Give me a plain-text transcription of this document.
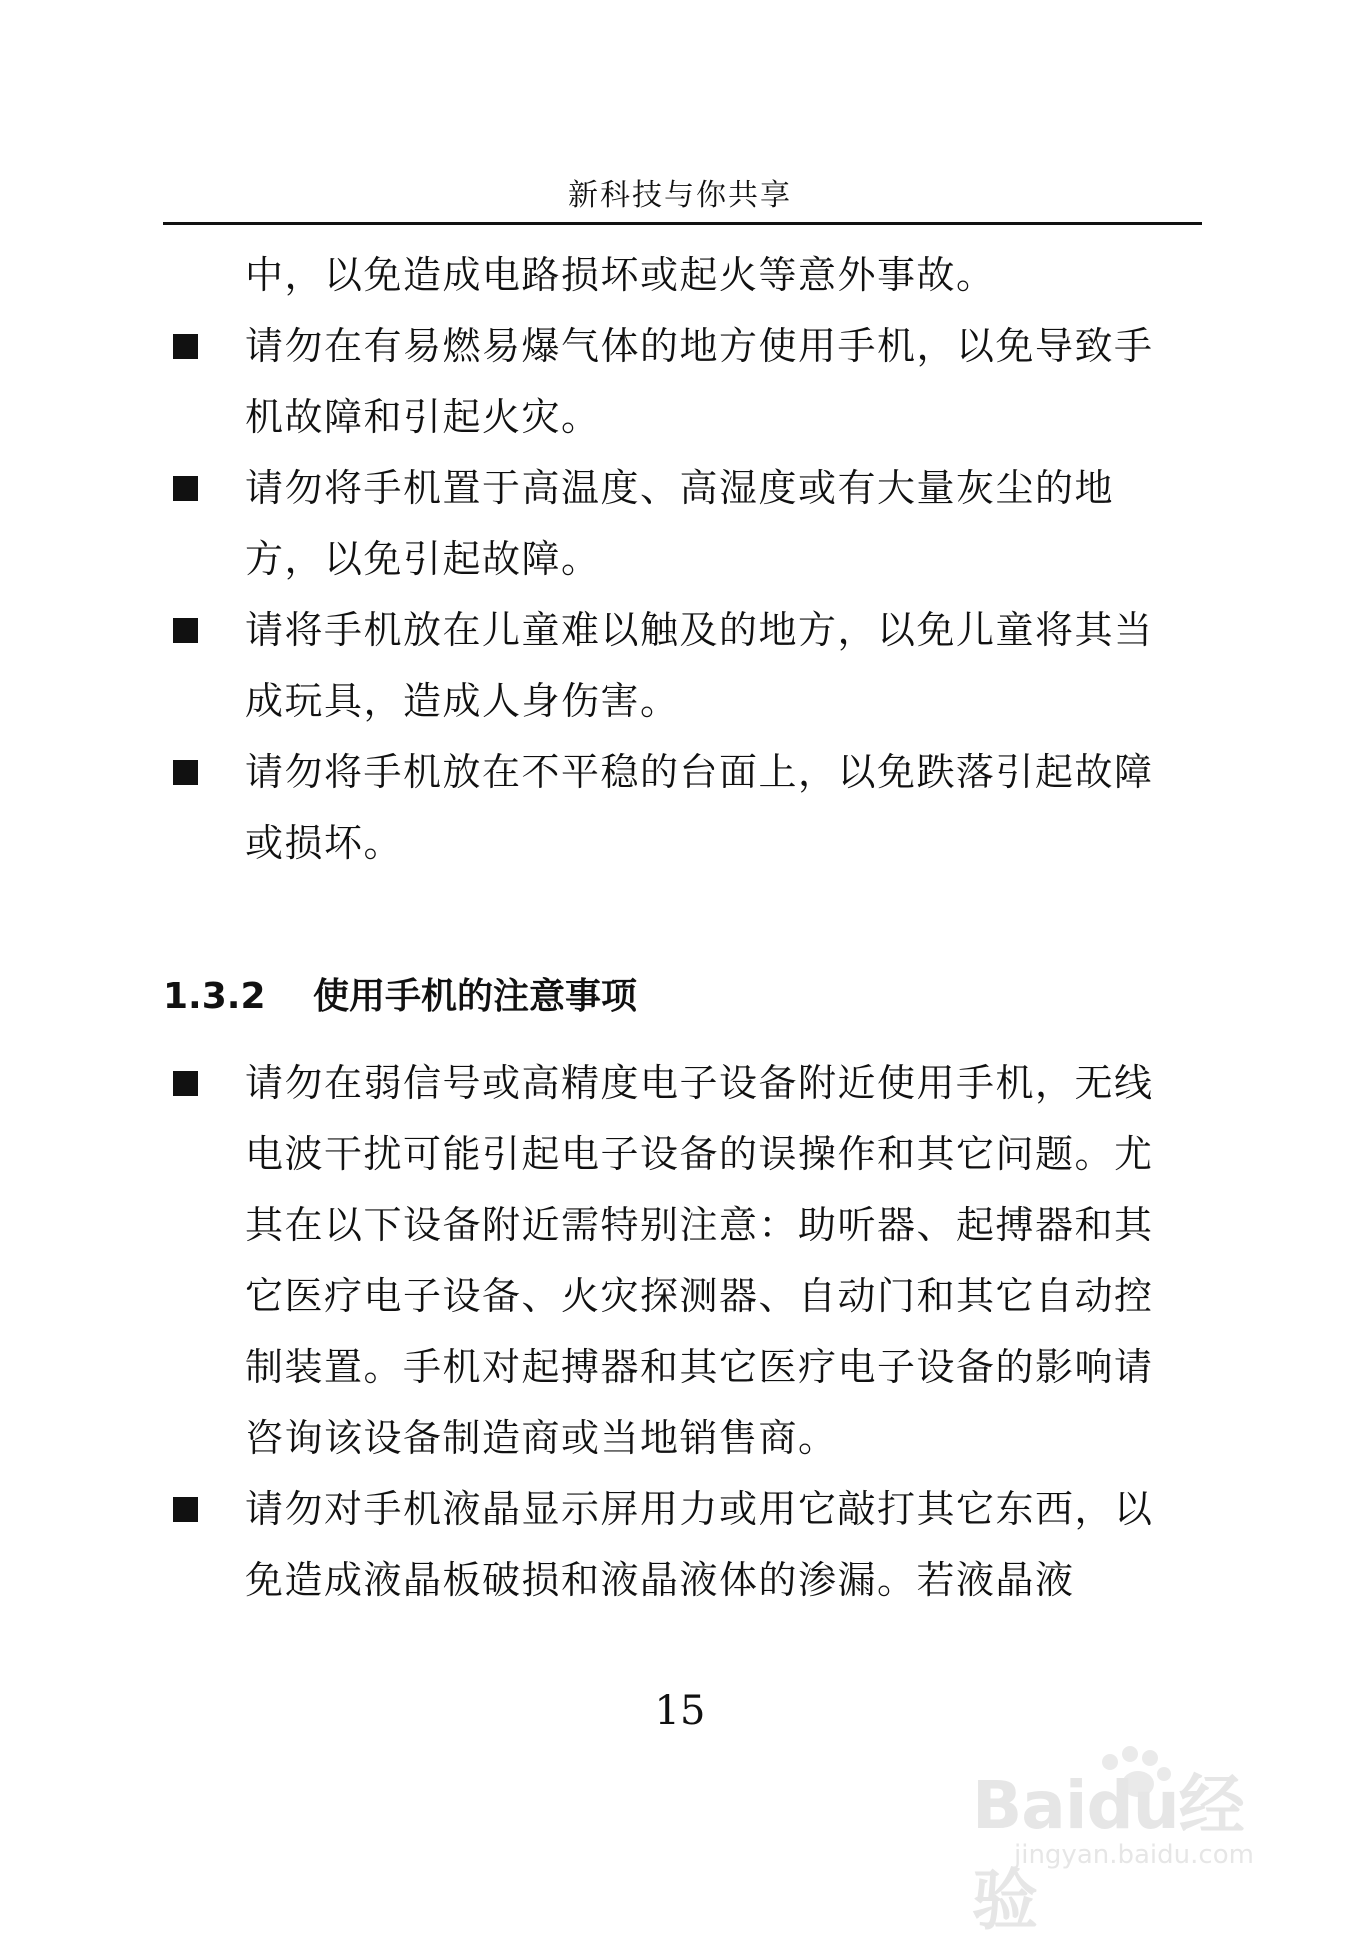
新科技与你共享
中，以免造成电路损坏或起火等意外事故。
请勿在有易燃易爆气体的地方使用手机，以免导致手机故障和引起火灾。
请勿将手机置于高温度、高湿度或有大量灰尘的地方，以免引起故障。
请将手机放在儿童难以触及的地方，以免儿童将其当成玩具，造成人身伤害。
请勿将手机放在不平稳的台面上，以免跌落引起故障或损坏。
1.3.2 使用手机的注意事项
请勿在弱信号或高精度电子设备附近使用手机，无线电波干扰可能引起电子设备的误操作和其它问题。尤其在以下设备附近需特别注意：助听器、起搏器和其它医疗电子设备、火灾探测器、自动门和其它自动控制装置。手机对起搏器和其它医疗电子设备的影响请咨询该设备制造商或当地销售商。
请勿对手机液晶显示屏用力或用它敲打其它东西，以免造成液晶板破损和液晶液体的渗漏。若液晶液
15
Baidu经验
jingyan.baidu.com
